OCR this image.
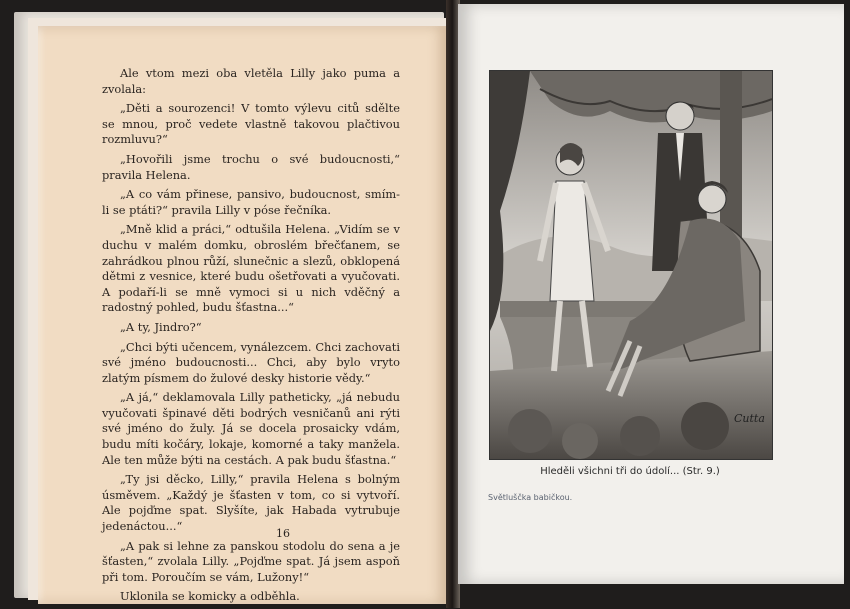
Ale vtom mezi oba vletěla Lilly jako puma a zvolala:

„Děti a sourozenci! V tomto výlevu citů sdělte se mnou, proč vedete vlastně takovou plačtivou rozmluvu?“

„Hovořili jsme trochu o své budoucnosti,“ pravila Helena.

„A co vám přinese, pansivo, budoucnost, smím-li se ptáti?“ pravila Lilly v póse řečníka.

„Mně klid a práci,“ odtušila Helena. „Vidím se v duchu v malém domku, obroslém břečťanem, se zahrádkou plnou růží, slunečnic a slezů, obklopená dětmi z vesnice, které budu ošetřovati a vyučovati. A podaří-li se mně vymoci si u nich vděčný a radostný pohled, budu šťastna...“

„A ty, Jindro?“

„Chci býti učencem, vynálezcem. Chci zachovati své jméno budoucnosti... Chci, aby bylo vryto zlatým písmem do žulové desky historie vědy.“

„A já,“ deklamovala Lilly patheticky, „já nebudu vyučovati špinavé děti bodrých vesničanů ani rýti své jméno do žuly. Já se docela prosaicky vdám, budu míti kočáry, lokaje, komorné a taky manžela. Ale ten může býti na cestách. A pak budu šťastna.“

„Ty jsi děcko, Lilly,“ pravila Helena s bolným úsměvem. „Každý je šťasten v tom, co si vytvoří. Ale pojďme spat. Slyšíte, jak Habada vytrubuje jedenáctou...“

„A pak si lehne za panskou stodolu do sena a je šťasten,“ zvolala Lilly. „Pojďme spat. Já jsem aspoň při tom. Poroučím se vám, Lužony!“

Uklonila se komicky a odběhla.

16
Cutta
Hleděli všichni tři do údolí... (Str. 9.)
Světluščka babičkou.
